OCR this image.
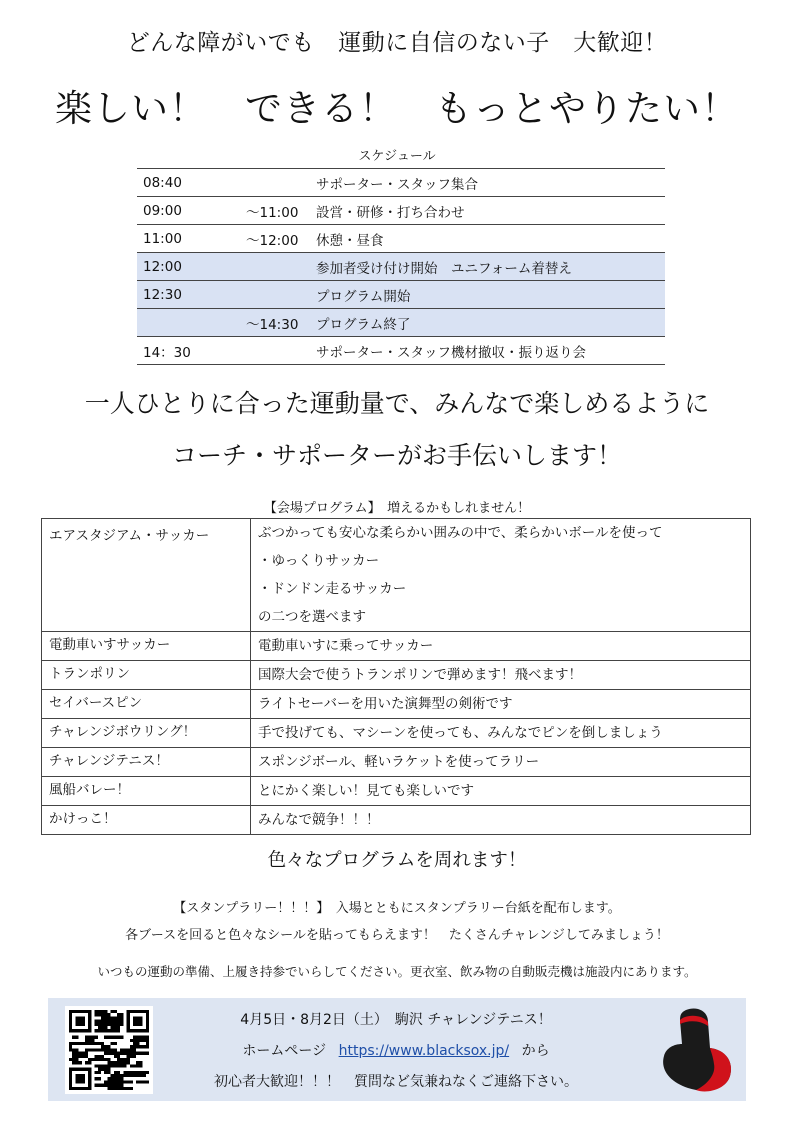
どんな障がいでも　運動に自信のない子　大歓迎！
楽しい！　できる！　もっとやりたい！
スケジュール
08:40		サポーター・スタッフ集合
09:00	～11:00	設営・研修・打ち合わせ
11:00	～12:00	休憩・昼食
12:00		参加者受け付け開始　ユニフォーム着替え
12:30		プログラム開始
	～14:30	プログラム終了
14：30		サポーター・スタッフ機材撤収・振り返り会
一人ひとりに合った運動量で、みんなで楽しめるように
コーチ・サポーターがお手伝いします！
【会場プログラム】　増えるかもしれません！
エアスタジアム・サッカー	ぶつかっても安心な柔らかい囲みの中で、柔らかいボールを使って
・ゆっくりサッカー
・ドンドン走るサッカー
の二つを選べます

電動車いすサッカー	電動車いすに乗ってサッカー

トランポリン	国際大会で使うトランポリンで弾めます！飛べます！

セイバースピン	ライトセーバーを用いた演舞型の剣術です

チャレンジボウリング！	手で投げても、マシーンを使っても、みんなでピンを倒しましょう

チャレンジテニス！	スポンジボール、軽いラケットを使ってラリー

風船バレー！	とにかく楽しい！見ても楽しいです

かけっこ！	みんなで競争！！！
色々なプログラムを周れます！
【スタンプラリー！！！】　入場とともにスタンプラリー台紙を配布します。
各ブースを回ると色々なシールを貼ってもらえます！　たくさんチャレンジしてみましょう！
いつもの運動の準備、上履き持参でいらしてください。更衣室、飲み物の自動販売機は施設内にあります。
4月5日・8月2日（土）　駒沢 チャレンジテニス！
ホームページ https://www.blacksox.jp/ から
初心者大歓迎！！！　質問など気兼ねなくご連絡下さい。
